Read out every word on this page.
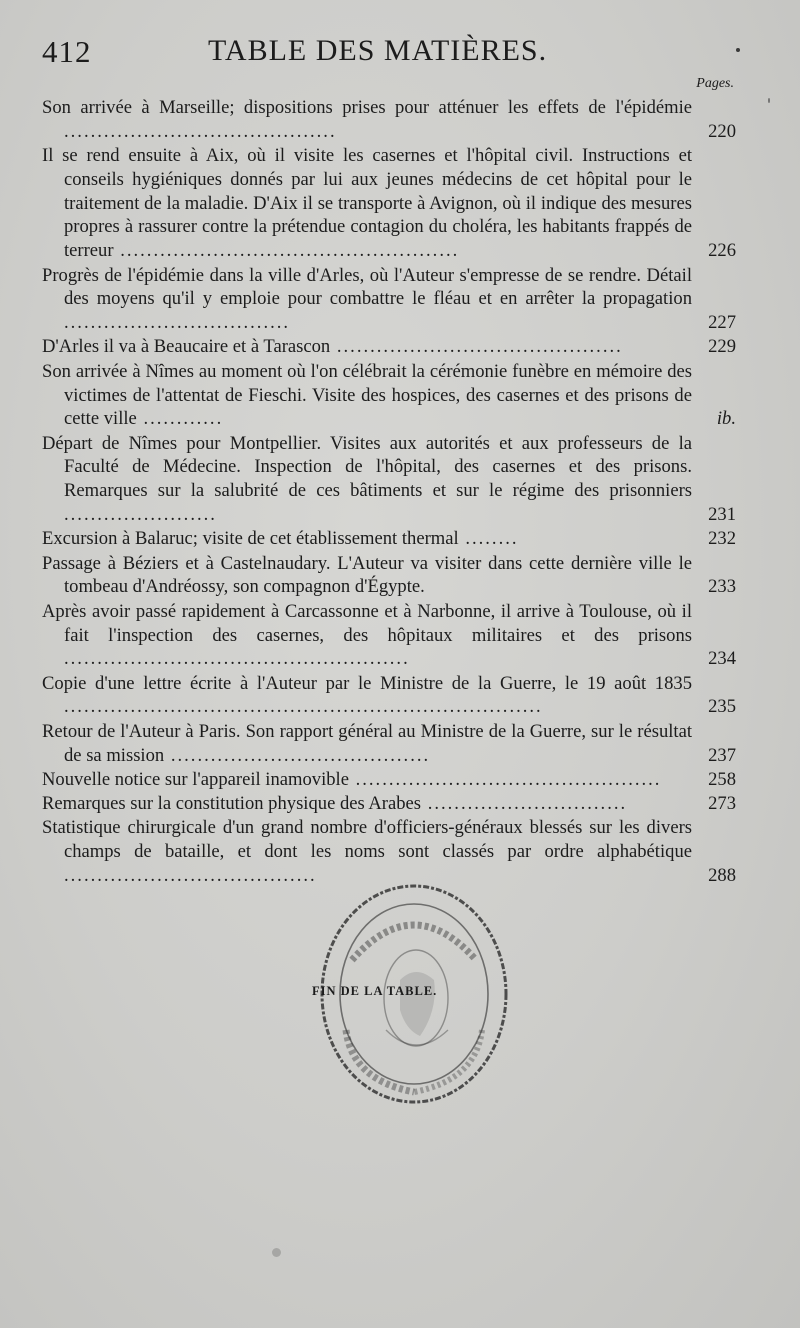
412	TABLE DES MATIÈRES.
Pages.
Son arrivée à Marseille; dispositions prises pour atténuer les effets de l'épidémie .........................................	220
Il se rend ensuite à Aix, où il visite les casernes et l'hôpital civil. Instructions et conseils hygiéniques donnés par lui aux jeunes médecins de cet hôpital pour le traitement de la maladie. D'Aix il se transporte à Avignon, où il indique des mesures propres à rassurer contre la prétendue contagion du choléra, les habitants frappés de terreur ...................................................	226
Progrès de l'épidémie dans la ville d'Arles, où l'Auteur s'empresse de se rendre. Détail des moyens qu'il y emploie pour combattre le fléau et en arrêter la propagation ..................................	227
D'Arles il va à Beaucaire et à Tarascon ...........................................	229
Son arrivée à Nîmes au moment où l'on célébrait la cérémonie funèbre en mémoire des victimes de l'attentat de Fieschi. Visite des hospices, des casernes et des prisons de cette ville ............	ib.
Départ de Nîmes pour Montpellier. Visites aux autorités et aux professeurs de la Faculté de Médecine. Inspection de l'hôpital, des casernes et des prisons. Remarques sur la salubrité de ces bâtiments et sur le régime des prisonniers .......................	231
Excursion à Balaruc; visite de cet établissement thermal ........	232
Passage à Béziers et à Castelnaudary. L'Auteur va visiter dans cette dernière ville le tombeau d'Andréossy, son compagnon d'Égypte.	233
Après avoir passé rapidement à Carcassonne et à Narbonne, il arrive à Toulouse, où il fait l'inspection des casernes, des hôpitaux militaires et des prisons ....................................................	234
Copie d'une lettre écrite à l'Auteur par le Ministre de la Guerre, le 19 août 1835 ........................................................................	235
Retour de l'Auteur à Paris. Son rapport général au Ministre de la Guerre, sur le résultat de sa mission .......................................	237
Nouvelle notice sur l'appareil inamovible ..............................................	258
Remarques sur la constitution physique des Arabes ..............................	273
Statistique chirurgicale d'un grand nombre d'officiers-généraux blessés sur les divers champs de bataille, et dont les noms sont classés par ordre alphabétique ......................................	288
FIN DE LA TABLE.
